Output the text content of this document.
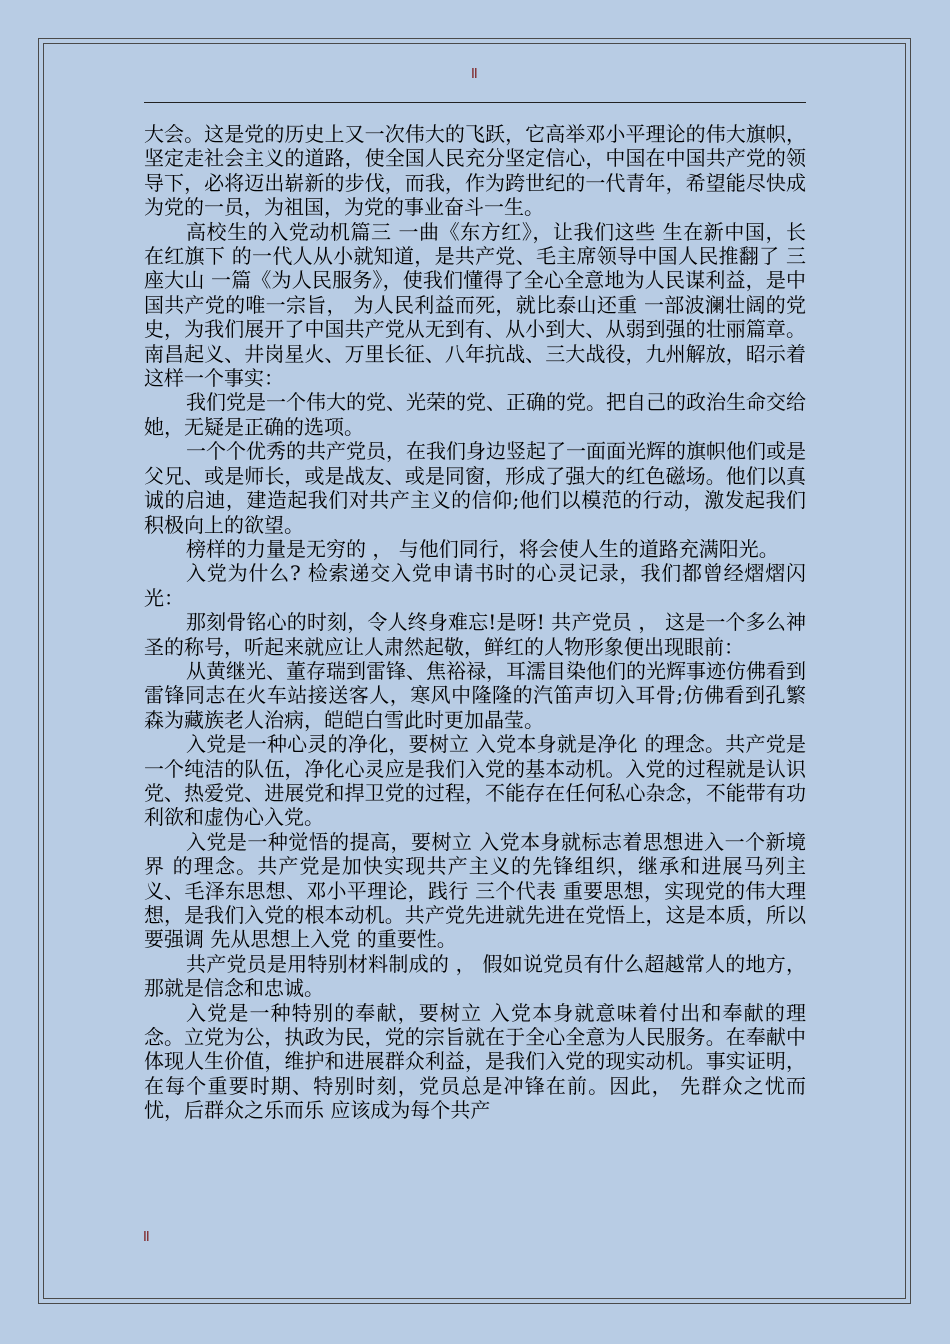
II

大会。这是党的历史上又一次伟大的飞跃，它高举邓小平理论的伟大旗帜，坚定走社会主义的道路，使全国人民充分坚定信心，中国在中国共产党的领导下，必将迈出崭新的步伐，而我，作为跨世纪的一代青年，希望能尽快成为党的一员，为祖国，为党的事业奋斗一生。

高校生的入党动机篇三 一曲《东方红》，让我们这些 生在新中国，长在红旗下 的一代人从小就知道，是共产党、毛主席领导中国人民推翻了 三座大山 一篇《为人民服务》，使我们懂得了全心全意地为人民谋利益，是中国共产党的唯一宗旨， 为人民利益而死，就比泰山还重 一部波澜壮阔的党史，为我们展开了中国共产党从无到有、从小到大、从弱到强的壮丽篇章。南昌起义、井岗星火、万里长征、八年抗战、三大战役，九州解放，昭示着这样一个事实：

我们党是一个伟大的党、光荣的党、正确的党。把自己的政治生命交给她，无疑是正确的选项。

一个个优秀的共产党员，在我们身边竖起了一面面光辉的旗帜他们或是父兄、或是师长，或是战友、或是同窗，形成了强大的红色磁场。他们以真诚的启迪，建造起我们对共产主义的信仰;他们以模范的行动，激发起我们积极向上的欲望。

榜样的力量是无穷的 ， 与他们同行，将会使人生的道路充满阳光。

入党为什么? 检索递交入党申请书时的心灵记录，我们都曾经熠熠闪光：

那刻骨铭心的时刻，令人终身难忘!是呀! 共产党员 ， 这是一个多么神圣的称号，听起来就应让人肃然起敬，鲜红的人物形象便出现眼前：

从黄继光、董存瑞到雷锋、焦裕禄，耳濡目染他们的光辉事迹仿佛看到雷锋同志在火车站接送客人，寒风中隆隆的汽笛声切入耳骨;仿佛看到孔繁森为藏族老人治病，皑皑白雪此时更加晶莹。

入党是一种心灵的净化，要树立 入党本身就是净化 的理念。共产党是一个纯洁的队伍，净化心灵应是我们入党的基本动机。入党的过程就是认识党、热爱党、进展党和捍卫党的过程，不能存在任何私心杂念，不能带有功利欲和虚伪心入党。

入党是一种觉悟的提高，要树立 入党本身就标志着思想进入一个新境界 的理念。共产党是加快实现共产主义的先锋组织，继承和进展马列主义、毛泽东思想、邓小平理论，践行 三个代表 重要思想，实现党的伟大理想，是我们入党的根本动机。共产党先进就先进在党悟上，这是本质，所以要强调 先从思想上入党 的重要性。

共产党员是用特别材料制成的 ， 假如说党员有什么超越常人的地方，那就是信念和忠诚。

入党是一种特别的奉献，要树立 入党本身就意味着付出和奉献的理念。立党为公，执政为民，党的宗旨就在于全心全意为人民服务。在奉献中体现人生价值，维护和进展群众利益，是我们入党的现实动机。事实证明，在每个重要时期、特别时刻，党员总是冲锋在前。因此， 先群众之忧而忧，后群众之乐而乐 应该成为每个共产

II
